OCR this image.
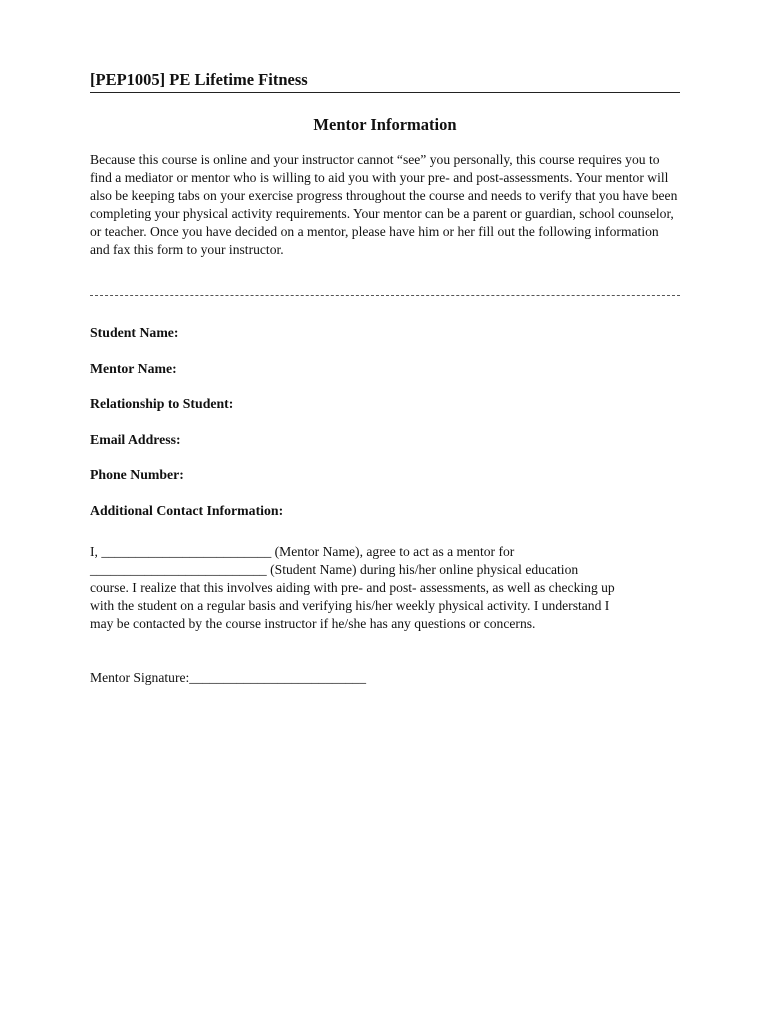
[PEP1005] PE Lifetime Fitness
Mentor Information
Because this course is online and your instructor cannot “see” you personally, this course requires you to find a mediator or mentor who is willing to aid you with your pre- and post-assessments. Your mentor will also be keeping tabs on your exercise progress throughout the course and needs to verify that you have been completing your physical activity requirements. Your mentor can be a parent or guardian, school counselor, or teacher. Once you have decided on a mentor, please have him or her fill out the following information and fax this form to your instructor.
Student Name:
Mentor Name:
Relationship to Student:
Email Address:
Phone Number:
Additional Contact Information:
I, _________________________ (Mentor Name), agree to act as a mentor for
__________________________ (Student Name) during his/her online physical education
course. I realize that this involves aiding with pre- and post- assessments, as well as checking up
with the student on a regular basis and verifying his/her weekly physical activity. I understand I
may be contacted by the course instructor if he/she has any questions or concerns.
Mentor Signature:__________________________
